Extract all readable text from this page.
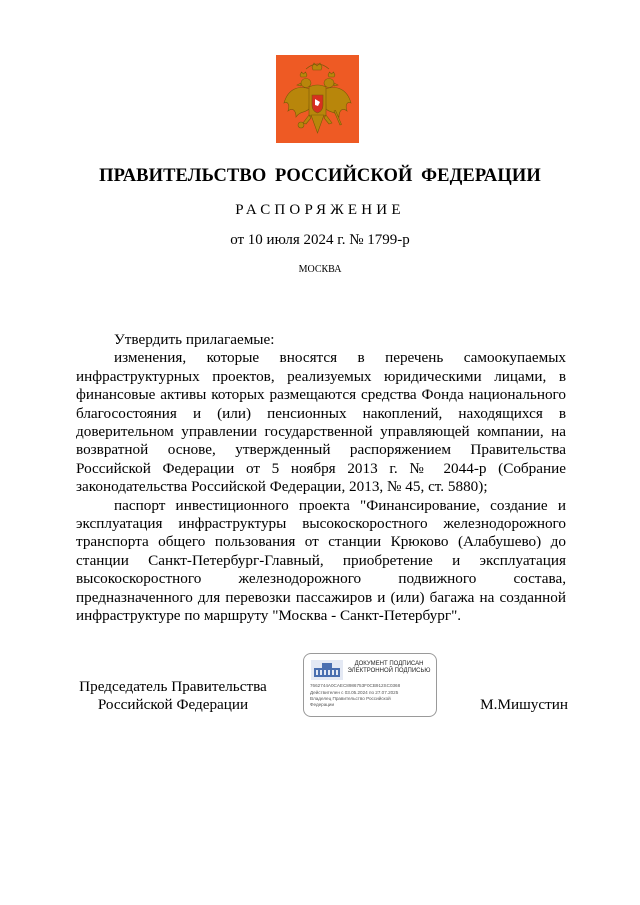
ПРАВИТЕЛЬСТВО РОССИЙСКОЙ ФЕДЕРАЦИИ
РАСПОРЯЖЕНИЕ
от 10 июля 2024 г. № 1799-р
МОСКВА

Утвердить прилагаемые:

изменения, которые вносятся в перечень самоокупаемых инфраструктурных проектов, реализуемых юридическими лицами, в финансовые активы которых размещаются средства Фонда национального благосостояния и (или) пенсионных накоплений, находящихся в доверительном управлении государственной управляющей компании, на возвратной основе, утвержденный распоряжением Правительства Российской Федерации от 5 ноября 2013 г. № 2044-р (Собрание законодательства Российской Федерации, 2013, № 45, ст. 5880);

паспорт инвестиционного проекта "Финансирование, создание и эксплуатация инфраструктуры высокоскоростного железнодорожного транспорта общего пользования от станции Крюково (Алабушево) до станции Санкт-Петербург-Главный, приобретение и эксплуатация высокоскоростного железнодорожного подвижного состава, предназначенного для перевозки пассажиров и (или) багажа на созданной инфраструктуре по маршруту "Москва - Санкт-Петербург".

Председатель Правительства
Российской Федерации
ДОКУМЕНТ ПОДПИСАН
ЭЛЕКТРОННОЙ ПОДПИСЬЮ
7662744A0CAEC8986753F0CB912SC0368
Действителен с 03.05.2024 по 27.07.2025
Владелец Правительство Российской
Федерации	М.Мишустин
